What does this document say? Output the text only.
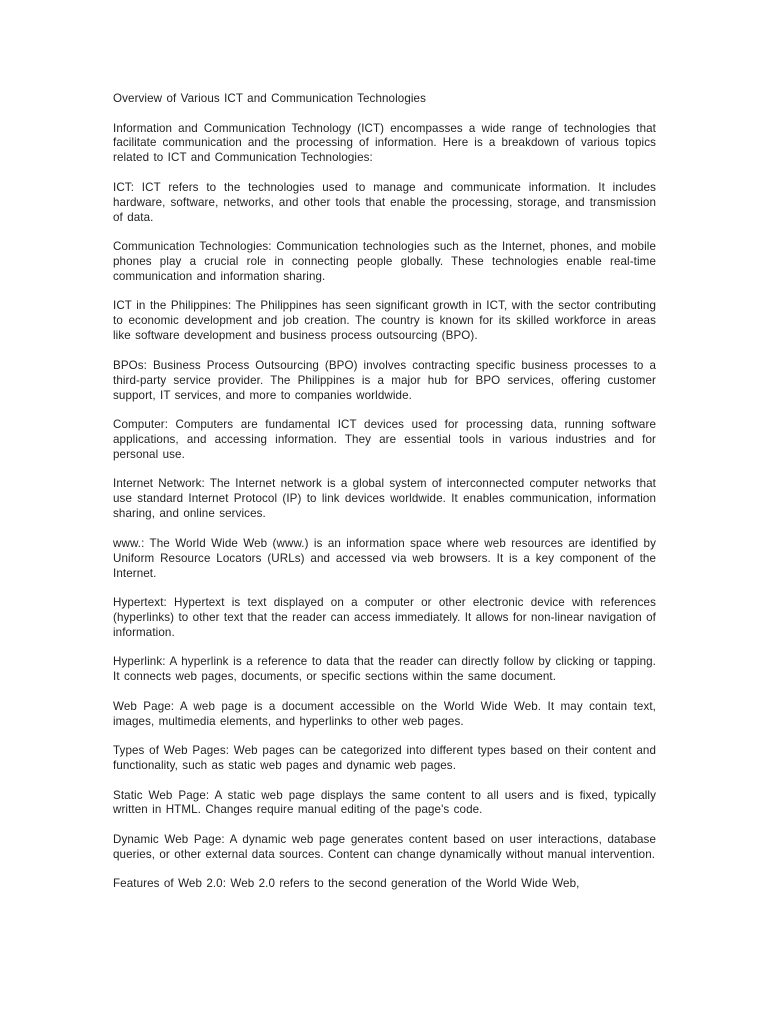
Overview of Various ICT and Communication Technologies

Information and Communication Technology (ICT) encompasses a wide range of technologies that facilitate communication and the processing of information. Here is a breakdown of various topics related to ICT and Communication Technologies:

ICT: ICT refers to the technologies used to manage and communicate information. It includes hardware, software, networks, and other tools that enable the processing, storage, and transmission of data.

Communication Technologies: Communication technologies such as the Internet, phones, and mobile phones play a crucial role in connecting people globally. These technologies enable real-time communication and information sharing.

ICT in the Philippines: The Philippines has seen significant growth in ICT, with the sector contributing to economic development and job creation. The country is known for its skilled workforce in areas like software development and business process outsourcing (BPO).

BPOs: Business Process Outsourcing (BPO) involves contracting specific business processes to a third-party service provider. The Philippines is a major hub for BPO services, offering customer support, IT services, and more to companies worldwide.

Computer: Computers are fundamental ICT devices used for processing data, running software applications, and accessing information. They are essential tools in various industries and for personal use.

Internet Network: The Internet network is a global system of interconnected computer networks that use standard Internet Protocol (IP) to link devices worldwide. It enables communication, information sharing, and online services.

www.: The World Wide Web (www.) is an information space where web resources are identified by Uniform Resource Locators (URLs) and accessed via web browsers. It is a key component of the Internet.

Hypertext: Hypertext is text displayed on a computer or other electronic device with references (hyperlinks) to other text that the reader can access immediately. It allows for non-linear navigation of information.

Hyperlink: A hyperlink is a reference to data that the reader can directly follow by clicking or tapping. It connects web pages, documents, or specific sections within the same document.

Web Page: A web page is a document accessible on the World Wide Web. It may contain text, images, multimedia elements, and hyperlinks to other web pages.

Types of Web Pages: Web pages can be categorized into different types based on their content and functionality, such as static web pages and dynamic web pages.

Static Web Page: A static web page displays the same content to all users and is fixed, typically written in HTML. Changes require manual editing of the page's code.

Dynamic Web Page: A dynamic web page generates content based on user interactions, database queries, or other external data sources. Content can change dynamically without manual intervention.

Features of Web 2.0: Web 2.0 refers to the second generation of the World Wide Web,
